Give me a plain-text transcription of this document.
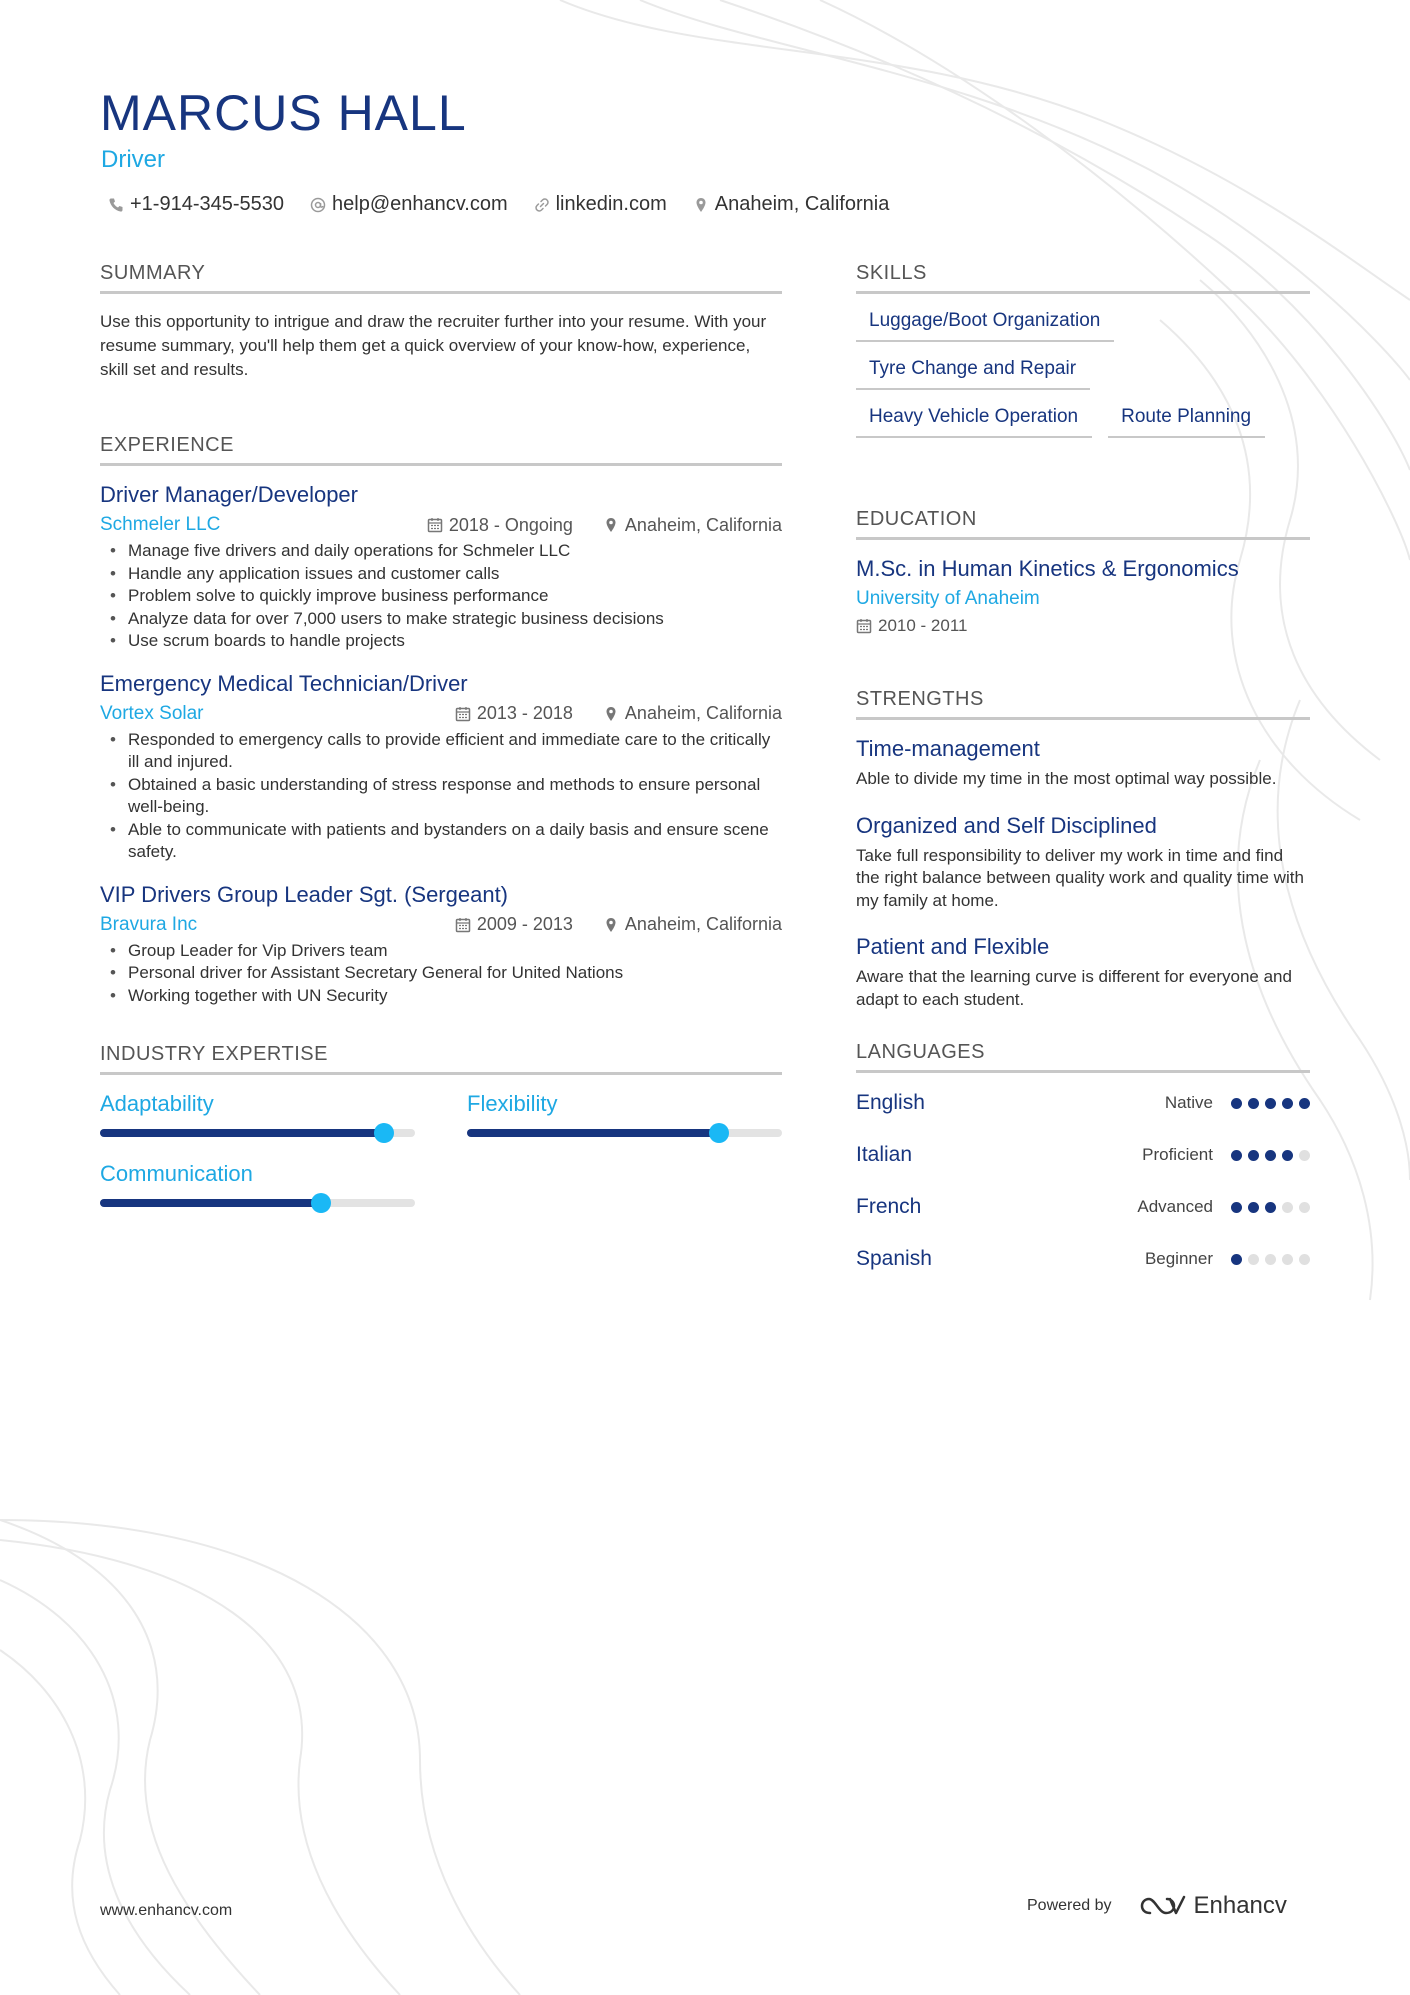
MARCUS HALL
Driver
+1-914-345-5530 help@enhancv.com linkedin.com Anaheim, California
SUMMARY

Use this opportunity to intrigue and draw the recruiter further into your resume. With your resume summary, you'll help them get a quick overview of your know-how, experience, skill set and results.

EXPERIENCE
Driver Manager/Developer
Schmeler LLC	2018 - Ongoing	Anaheim, California
• Manage five drivers and daily operations for Schmeler LLC
• Handle any application issues and customer calls
• Problem solve to quickly improve business performance
• Analyze data for over 7,000 users to make strategic business decisions
• Use scrum boards to handle projects
Emergency Medical Technician/Driver
Vortex Solar	2013 - 2018	Anaheim, California
• Responded to emergency calls to provide efficient and immediate care to the critically ill and injured.
• Obtained a basic understanding of stress response and methods to ensure personal well-being.
• Able to communicate with patients and bystanders on a daily basis and ensure scene safety.
VIP Drivers Group Leader Sgt. (Sergeant)
Bravura Inc	2009 - 2013	Anaheim, California
• Group Leader for Vip Drivers team
• Personal driver for Assistant Secretary General for United Nations
• Working together with UN Security
INDUSTRY EXPERTISE
Adaptability	Flexibility
Communication
SKILLS
Luggage/Boot Organization
Tyre Change and Repair
Heavy Vehicle Operation	Route Planning
EDUCATION
M.Sc. in Human Kinetics & Ergonomics
University of Anaheim
2010 - 2011
STRENGTHS
Time-management
Able to divide my time in the most optimal way possible.
Organized and Self Disciplined
Take full responsibility to deliver my work in time and find the right balance between quality work and quality time with my family at home.
Patient and Flexible
Aware that the learning curve is different for everyone and adapt to each student.
LANGUAGES
English	Native
Italian	Proficient
French	Advanced
Spanish	Beginner
www.enhancv.com	Powered by	Enhancv
